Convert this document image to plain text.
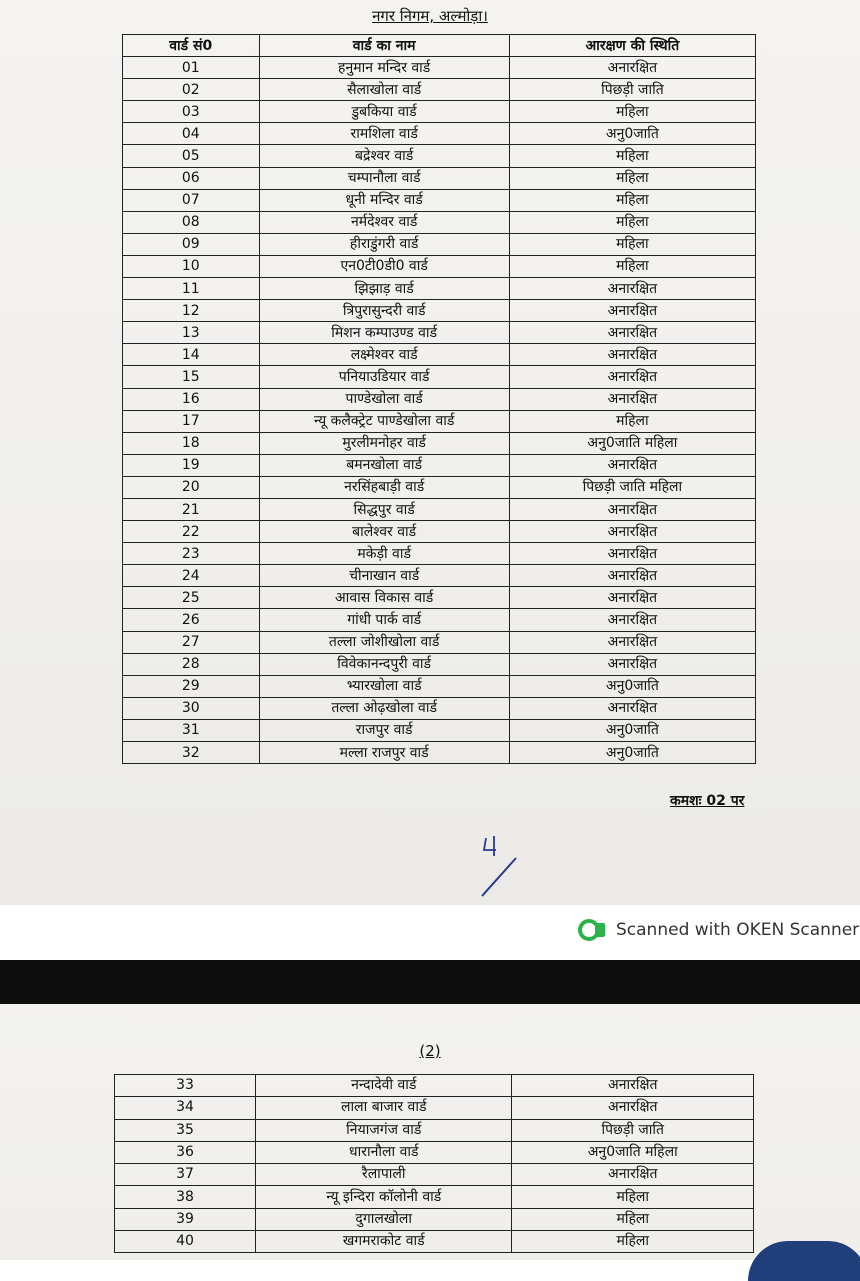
नगर निगम, अल्मोड़ा।
वार्ड सं0	वार्ड का नाम	आरक्षण की स्थिति
01	हनुमान मन्दिर वार्ड	अनारक्षित
02	सैलाखोला वार्ड	पिछड़ी जाति
03	डुबकिया वार्ड	महिला
04	रामशिला वार्ड	अनु0जाति
05	बद्रेश्वर वार्ड	महिला
06	चम्पानौला वार्ड	महिला
07	धूनी मन्दिर वार्ड	महिला
08	नर्मदेश्वर वार्ड	महिला
09	हीराडुंगरी वार्ड	महिला
10	एन0टी0डी0 वार्ड	महिला
11	झिझाड़ वार्ड	अनारक्षित
12	त्रिपुरासुन्दरी वार्ड	अनारक्षित
13	मिशन कम्पाउण्ड वार्ड	अनारक्षित
14	लक्ष्मेश्वर वार्ड	अनारक्षित
15	पनियाउडियार वार्ड	अनारक्षित
16	पाण्डेखोला वार्ड	अनारक्षित
17	न्यू कलैक्ट्रेट पाण्डेखोला वार्ड	महिला
18	मुरलीमनोहर वार्ड	अनु0जाति महिला
19	बमनखोला वार्ड	अनारक्षित
20	नरसिंहबाड़ी वार्ड	पिछड़ी जाति महिला
21	सिद्धपुर वार्ड	अनारक्षित
22	बालेश्वर वार्ड	अनारक्षित
23	मकेड़ी वार्ड	अनारक्षित
24	चीनाखान वार्ड	अनारक्षित
25	आवास विकास वार्ड	अनारक्षित
26	गांधी पार्क वार्ड	अनारक्षित
27	तल्ला जोशीखोला वार्ड	अनारक्षित
28	विवेकानन्दपुरी वार्ड	अनारक्षित
29	भ्यारखोला वार्ड	अनु0जाति
30	तल्ला ओढ़खोला वार्ड	अनारक्षित
31	राजपुर वार्ड	अनु0जाति
32	मल्ला राजपुर वार्ड	अनु0जाति
कमशः 02 पर
Scanned with OKEN Scanner
(2)
33	नन्दादेवी वार्ड	अनारक्षित
34	लाला बाजार वार्ड	अनारक्षित
35	नियाजगंज वार्ड	पिछड़ी जाति
36	धारानौला वार्ड	अनु0जाति महिला
37	रैलापाली	अनारक्षित
38	न्यू इन्दिरा कॉलोनी वार्ड	महिला
39	दुगालखोला	महिला
40	खगमराकोट वार्ड	महिला
